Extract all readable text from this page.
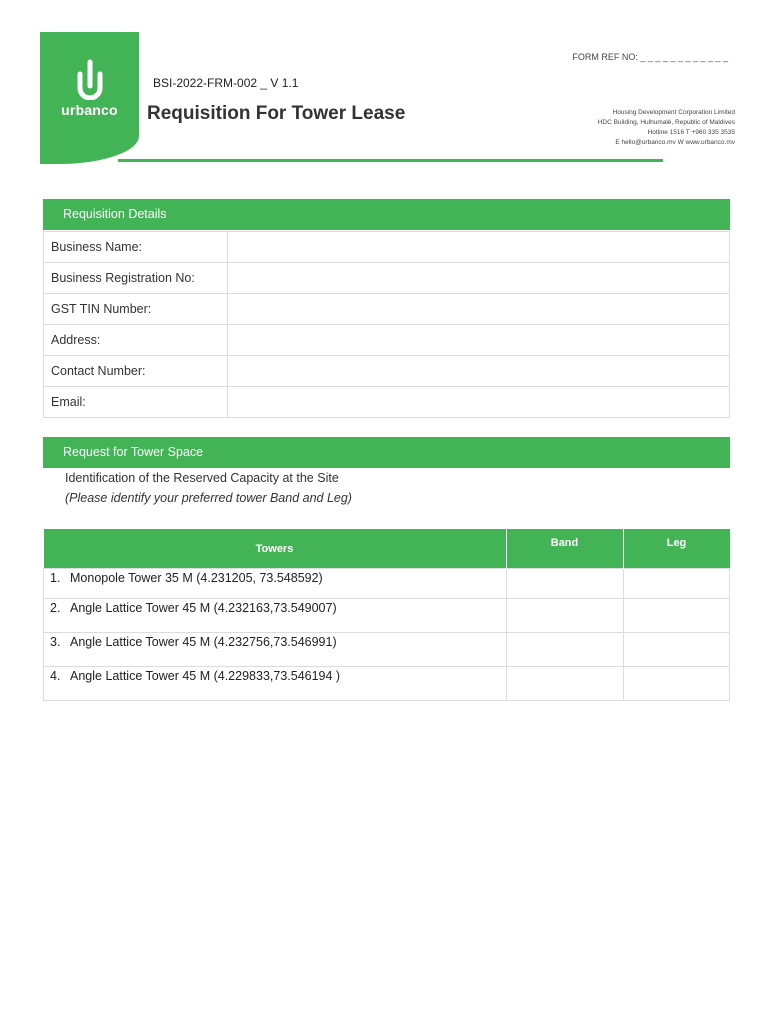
urbanco
BSI-2022-FRM-002 _ V 1.1
Requisition For Tower Lease
FORM REF NO: _ _ _ _ _ _ _ _ _ _ _ _
Housing Development Corporation Limited
HDC Building, Hulhumalé, Republic of Maldives
Hotline 1516 T +960 335 3535
E hello@urbanco.mv W www.urbanco.mv
Requisition Details
Business Name:	
Business Registration No:	
GST TIN Number:	
Address:	
Contact Number:	
Email:	
Request for Tower Space
Identification of the Reserved Capacity at the Site
(Please identify your preferred tower Band and Leg)
Towers	Band	Leg
1. Monopole Tower 35 M (4.231205, 73.548592)		
2. Angle Lattice Tower 45 M (4.232163,73.549007)		
3. Angle Lattice Tower 45 M (4.232756,73.546991)		
4. Angle Lattice Tower 45 M (4.229833,73.546194 )		
